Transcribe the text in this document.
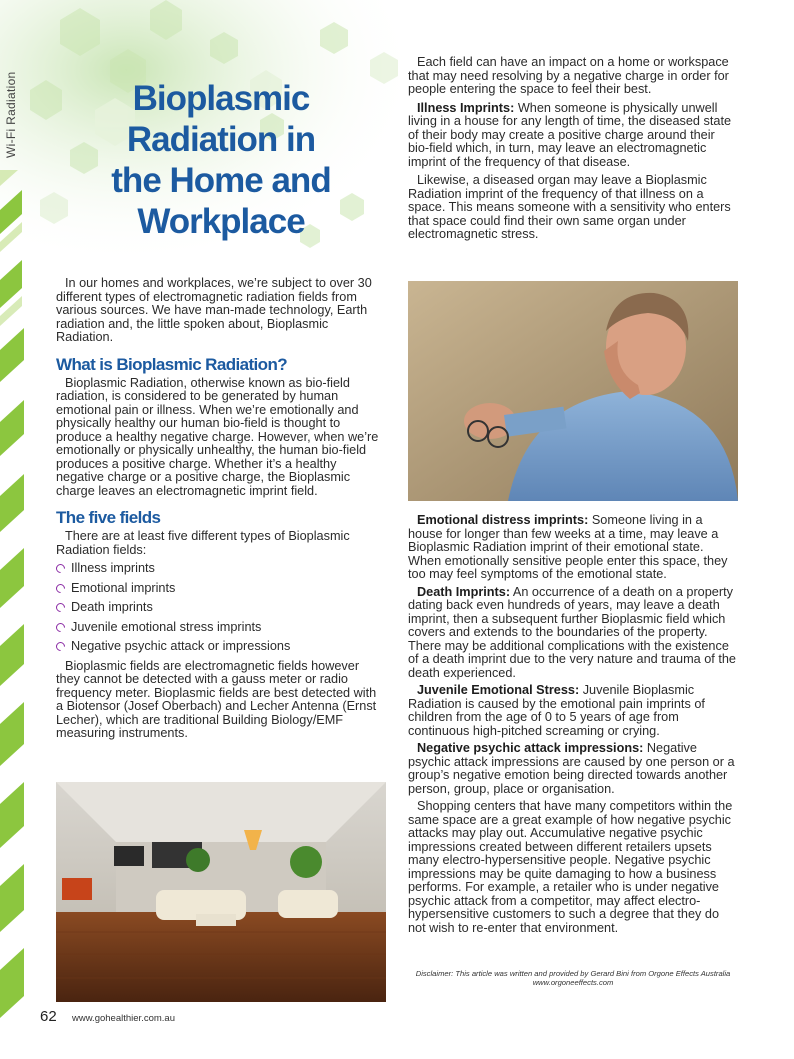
Wi-Fi Radiation	Bioplasmic
Radiation in
the Home and
Workplace

In our homes and workplaces, we’re subject to over 30 different types of electromagnetic radiation fields from various sources. We have man-made technology, Earth radiation and, the little spoken about, Bioplasmic Radiation.

What is Bioplasmic Radiation?

Bioplasmic Radiation, otherwise known as bio-field radiation, is considered to be generated by human emotional pain or illness. When we’re emotionally and physically healthy our human bio-field is thought to produce a healthy negative charge. However, when we’re emotionally or physically unhealthy, the human bio-field produces a positive charge. Whether it’s a healthy negative charge or a positive charge, the Bioplasmic charge leaves an electromagnetic imprint field.

The five fields

There are at least five different types of Bioplasmic Radiation fields:

Illness imprints
Emotional imprints
Death imprints
Juvenile emotional stress imprints
Negative psychic attack or impressions

Bioplasmic fields are electromagnetic fields however they cannot be detected with a gauss meter or radio frequency meter. Bioplasmic fields are best detected with a Biotensor (Josef Oberbach) and Lecher Antenna (Ernst Lecher), which are traditional Building Biology/EMF measuring instruments.

Each field can have an impact on a home or workspace that may need resolving by a negative charge in order for people entering the space to feel their best.

Illness Imprints: When someone is physically unwell living in a house for any length of time, the diseased state of their body may create a positive charge around their bio-field which, in turn, may leave an electromagnetic imprint of the frequency of that disease.

Likewise, a diseased organ may leave a Bioplasmic Radiation imprint of the frequency of that illness on a space. This means someone with a sensitivity who enters that space could find their own same organ under electromagnetic stress.

Emotional distress imprints: Someone living in a house for longer than few weeks at a time, may leave a Bioplasmic Radiation imprint of their emotional state. When emotionally sensitive people enter this space, they too may feel symptoms of the emotional state.

Death Imprints: An occurrence of a death on a property dating back even hundreds of years, may leave a death imprint, then a subsequent further Bioplasmic field which covers and extends to the boundaries of the property. There may be additional complications with the existence of a death imprint due to the very nature and trauma of the death experienced.

Juvenile Emotional Stress: Juvenile Bioplasmic Radiation is caused by the emotional pain imprints of children from the age of 0 to 5 years of age from continuous high-pitched screaming or crying.

Negative psychic attack impressions: Negative psychic attack impressions are caused by one person or a group’s negative emotion being directed towards another person, group, place or organisation.

Shopping centers that have many competitors within the same space are a great example of how negative psychic attacks may play out. Accumulative negative psychic impressions created between different retailers upsets many electro-hypersensitive people. Negative psychic impressions may be quite damaging to how a business performs. For example, a retailer who is under negative psychic attack from a competitor, may affect electro-hypersensitive customers to such a degree that they do not wish to re-enter that environment.

Disclaimer: This article was written and provided by Gerard Bini from Orgone Effects Australia www.orgoneeffects.com
62 www.gohealthier.com.au
